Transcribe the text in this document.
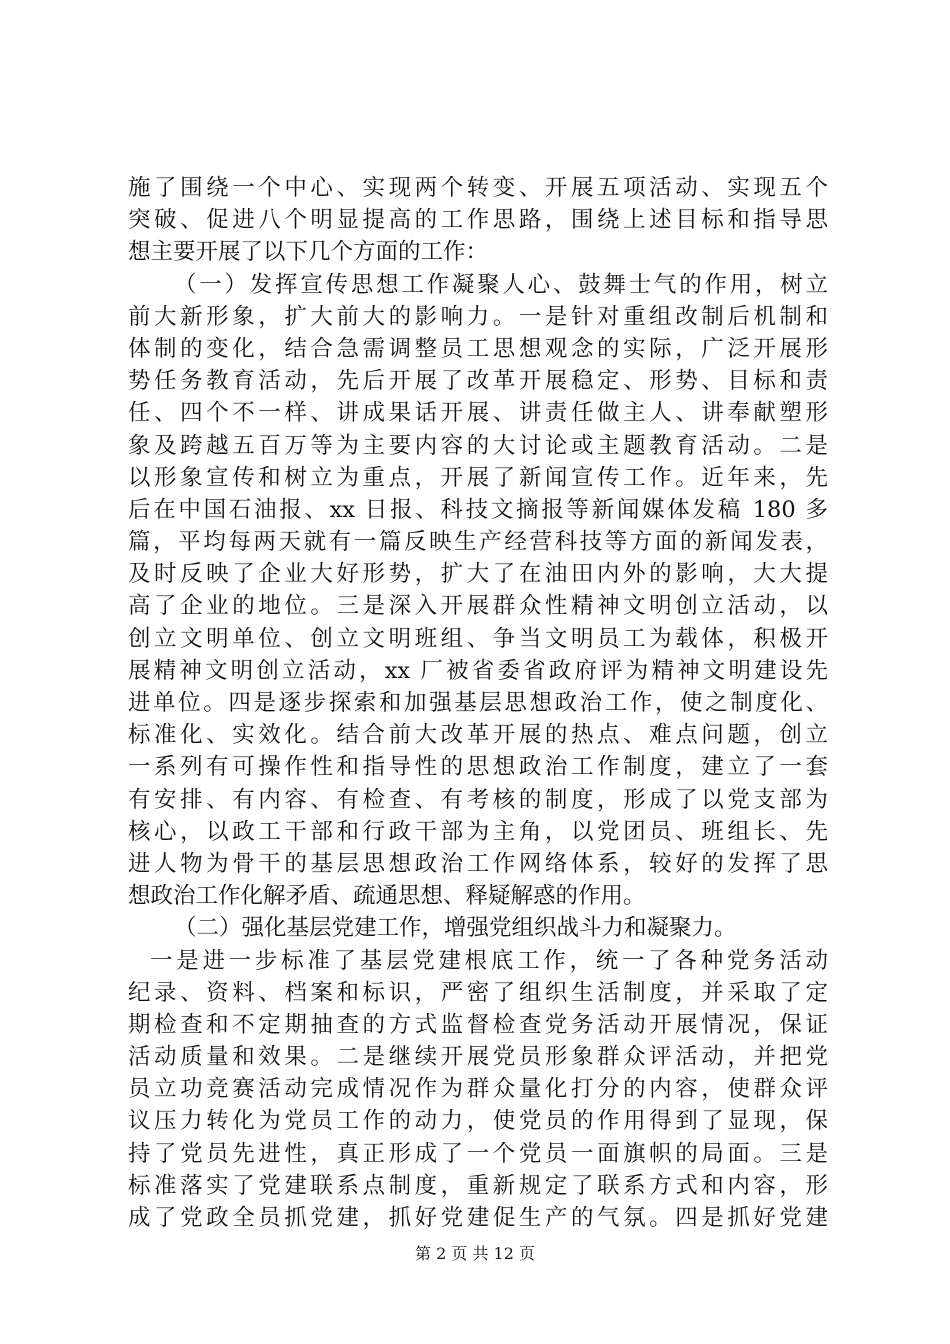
施了围绕一个中心、实现两个转变、开展五项活动、实现五个
突破、促进八个明显提高的工作思路，围绕上述目标和指导思
想主要开展了以下几个方面的工作：
（一）发挥宣传思想工作凝聚人心、鼓舞士气的作用，树立
前大新形象，扩大前大的影响力。一是针对重组改制后机制和
体制的变化，结合急需调整员工思想观念的实际，广泛开展形
势任务教育活动，先后开展了改革开展稳定、形势、目标和责
任、四个不一样、讲成果话开展、讲责任做主人、讲奉献塑形
象及跨越五百万等为主要内容的大讨论或主题教育活动。二是
以形象宣传和树立为重点，开展了新闻宣传工作。近年来，先
后在中国石油报、xx 日报、科技文摘报等新闻媒体发稿 180 多
篇，平均每两天就有一篇反映生产经营科技等方面的新闻发表，
及时反映了企业大好形势，扩大了在油田内外的影响，大大提
高了企业的地位。三是深入开展群众性精神文明创立活动，以
创立文明单位、创立文明班组、争当文明员工为载体，积极开
展精神文明创立活动，xx 厂被省委省政府评为精神文明建设先
进单位。四是逐步探索和加强基层思想政治工作，使之制度化、
标准化、实效化。结合前大改革开展的热点、难点问题，创立
一系列有可操作性和指导性的思想政治工作制度，建立了一套
有安排、有内容、有检查、有考核的制度，形成了以党支部为
核心，以政工干部和行政干部为主角，以党团员、班组长、先
进人物为骨干的基层思想政治工作网络体系，较好的发挥了思
想政治工作化解矛盾、疏通思想、释疑解惑的作用。
（二）强化基层党建工作，增强党组织战斗力和凝聚力。
一是进一步标准了基层党建根底工作，统一了各种党务活动
纪录、资料、档案和标识，严密了组织生活制度，并采取了定
期检查和不定期抽查的方式监督检查党务活动开展情况，保证
活动质量和效果。二是继续开展党员形象群众评活动，并把党
员立功竞赛活动完成情况作为群众量化打分的内容，使群众评
议压力转化为党员工作的动力，使党员的作用得到了显现，保
持了党员先进性，真正形成了一个党员一面旗帜的局面。三是
标准落实了党建联系点制度，重新规定了联系方式和内容，形
成了党政全员抓党建，抓好党建促生产的气氛。四是抓好党建
第 2 页 共 12 页
